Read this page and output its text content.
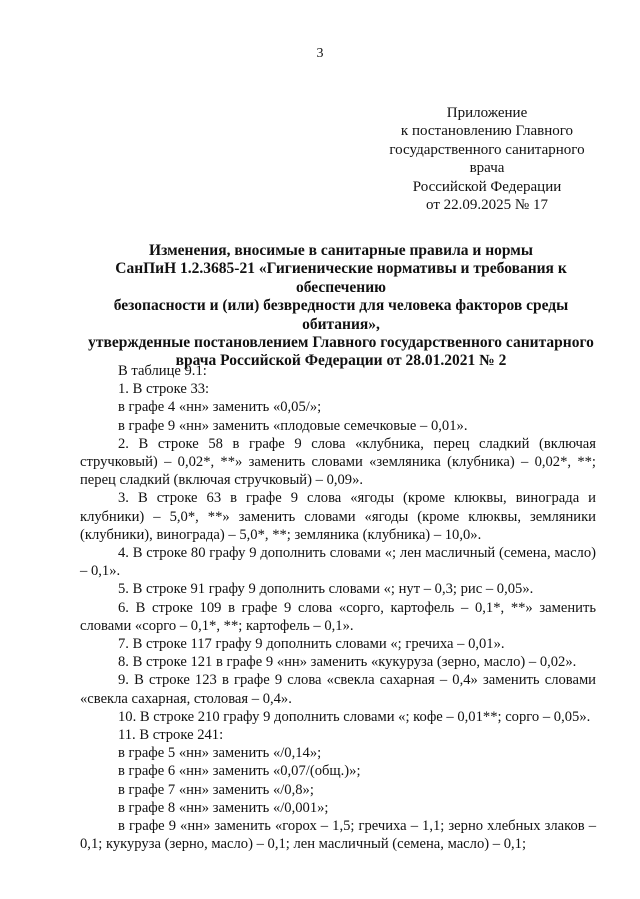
3
Приложение
к постановлению Главного
государственного санитарного врача
Российской Федерации
от 22.09.2025 № 17
Изменения, вносимые в санитарные правила и нормы
СанПиН 1.2.3685-21 «Гигиенические нормативы и требования к обеспечению
безопасности и (или) безвредности для человека факторов среды обитания»,
утвержденные постановлением Главного государственного санитарного
врача Российской Федерации от 28.01.2021 № 2

В таблице 9.1:

1. В строке 33:

в графе 4 «нн» заменить «0,05/»;

в графе 9 «нн» заменить «плодовые семечковые – 0,01».

2. В строке 58 в графе 9 слова «клубника, перец сладкий (включая стручковый) – 0,02*, **» заменить словами «земляника (клубника) – 0,02*, **; перец сладкий (включая стручковый) – 0,09».

3. В строке 63 в графе 9 слова «ягоды (кроме клюквы, винограда и клубники) – 5,0*, **» заменить словами «ягоды (кроме клюквы, земляники (клубники), винограда) – 5,0*, **; земляника (клубника) – 10,0».

4. В строке 80 графу 9 дополнить словами «; лен масличный (семена, масло) – 0,1».

5. В строке 91 графу 9 дополнить словами «; нут – 0,3; рис – 0,05».

6. В строке 109 в графе 9 слова «сорго, картофель – 0,1*, **» заменить словами «сорго – 0,1*, **; картофель – 0,1».

7. В строке 117 графу 9 дополнить словами «; гречиха – 0,01».

8. В строке 121 в графе 9 «нн» заменить «кукуруза (зерно, масло) – 0,02».

9. В строке 123 в графе 9 слова «свекла сахарная – 0,4» заменить словами «свекла сахарная, столовая – 0,4».

10. В строке 210 графу 9 дополнить словами «; кофе – 0,01**; сорго – 0,05».

11. В строке 241:

в графе 5 «нн» заменить «/0,14»;

в графе 6 «нн» заменить «0,07/(общ.)»;

в графе 7 «нн» заменить «/0,8»;

в графе 8 «нн» заменить «/0,001»;

в графе 9 «нн» заменить «горох – 1,5; гречиха – 1,1; зерно хлебных злаков – 0,1; кукуруза (зерно, масло) – 0,1; лен масличный (семена, масло) – 0,1;
